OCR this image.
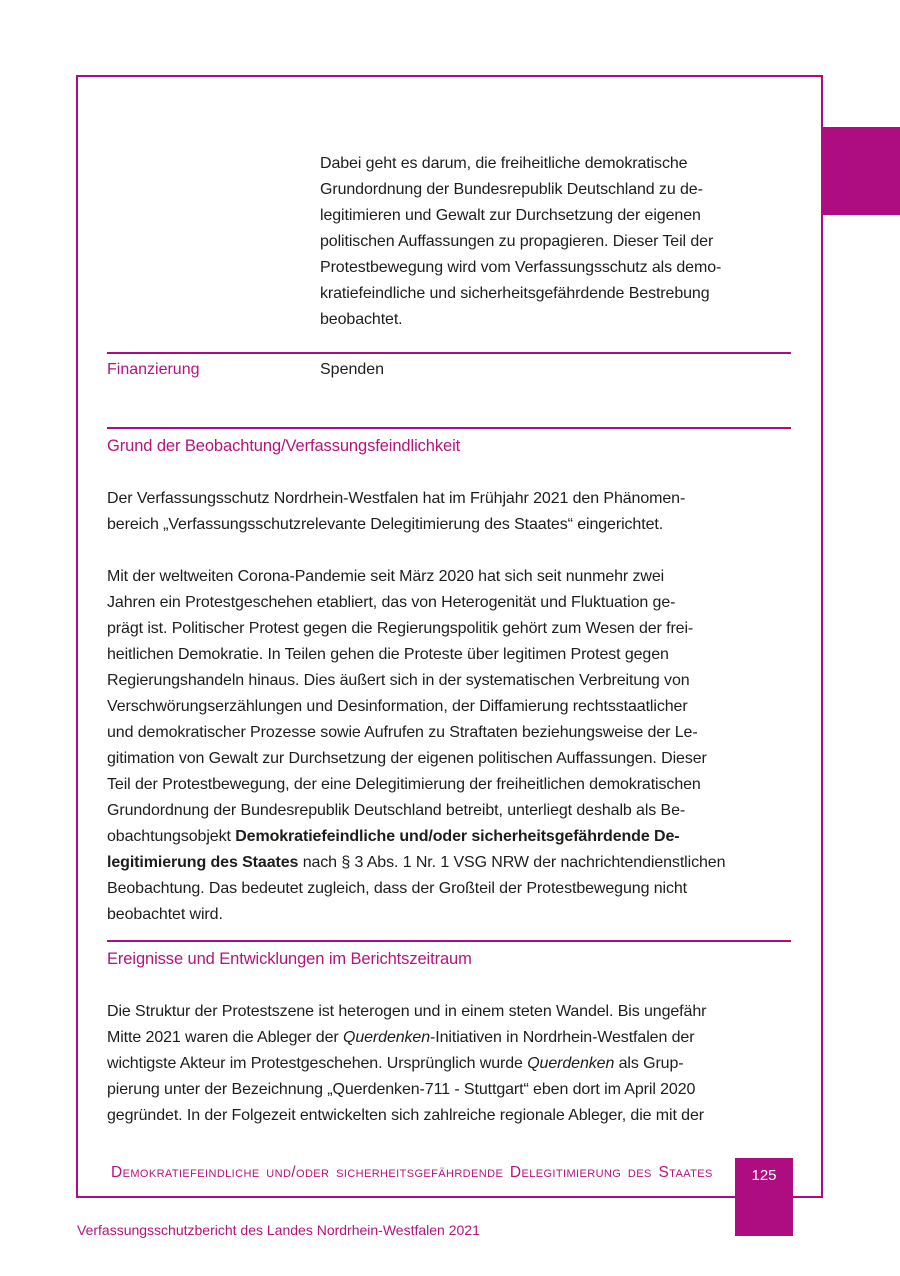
Dabei geht es darum, die freiheitliche demokratische
Grundordnung der Bundesrepublik Deutschland zu de-
legitimieren und Gewalt zur Durchsetzung der eigenen
politischen Auffassungen zu propagieren. Dieser Teil der
Protestbewegung wird vom Verfassungsschutz als demo-
kratiefeindliche und sicherheitsgefährdende Bestrebung
beobachtet.
Finanzierung	Spenden
Grund der Beobachtung/Verfassungsfeindlichkeit
Der Verfassungsschutz Nordrhein-Westfalen hat im Frühjahr 2021 den Phänomen-
bereich „Verfassungsschutzrelevante Delegitimierung des Staates“ eingerichtet.
Mit der weltweiten Corona-Pandemie seit März 2020 hat sich seit nunmehr zwei
Jahren ein Protestgeschehen etabliert, das von Heterogenität und Fluktuation ge-
prägt ist. Politischer Protest gegen die Regierungspolitik gehört zum Wesen der frei-
heitlichen Demokratie. In Teilen gehen die Proteste über legitimen Protest gegen
Regierungshandeln hinaus. Dies äußert sich in der systematischen Verbreitung von
Verschwörungserzählungen und Desinformation, der Diffamierung rechtsstaatlicher
und demokratischer Prozesse sowie Aufrufen zu Straftaten beziehungsweise der Le-
gitimation von Gewalt zur Durchsetzung der eigenen politischen Auffassungen. Dieser
Teil der Protestbewegung, der eine Delegitimierung der freiheitlichen demokratischen
Grundordnung der Bundesrepublik Deutschland betreibt, unterliegt deshalb als Be-
obachtungsobjekt Demokratiefeindliche und/oder sicherheitsgefährdende De-
legitimierung des Staates nach § 3 Abs. 1 Nr. 1 VSG NRW der nachrichtendienstlichen
Beobachtung. Das bedeutet zugleich, dass der Großteil der Protestbewegung nicht
beobachtet wird.
Ereignisse und Entwicklungen im Berichtszeitraum
Die Struktur der Protestszene ist heterogen und in einem steten Wandel. Bis ungefähr
Mitte 2021 waren die Ableger der Querdenken-Initiativen in Nordrhein-Westfalen der
wichtigste Akteur im Protestgeschehen. Ursprünglich wurde Querdenken als Grup-
pierung unter der Bezeichnung „Querdenken-711 - Stuttgart“ eben dort im April 2020
gegründet. In der Folgezeit entwickelten sich zahlreiche regionale Ableger, die mit der
Demokratiefeindliche und/oder sicherheitsgefährdende Delegitimierung des Staates	125
Verfassungsschutzbericht des Landes Nordrhein-Westfalen 2021
